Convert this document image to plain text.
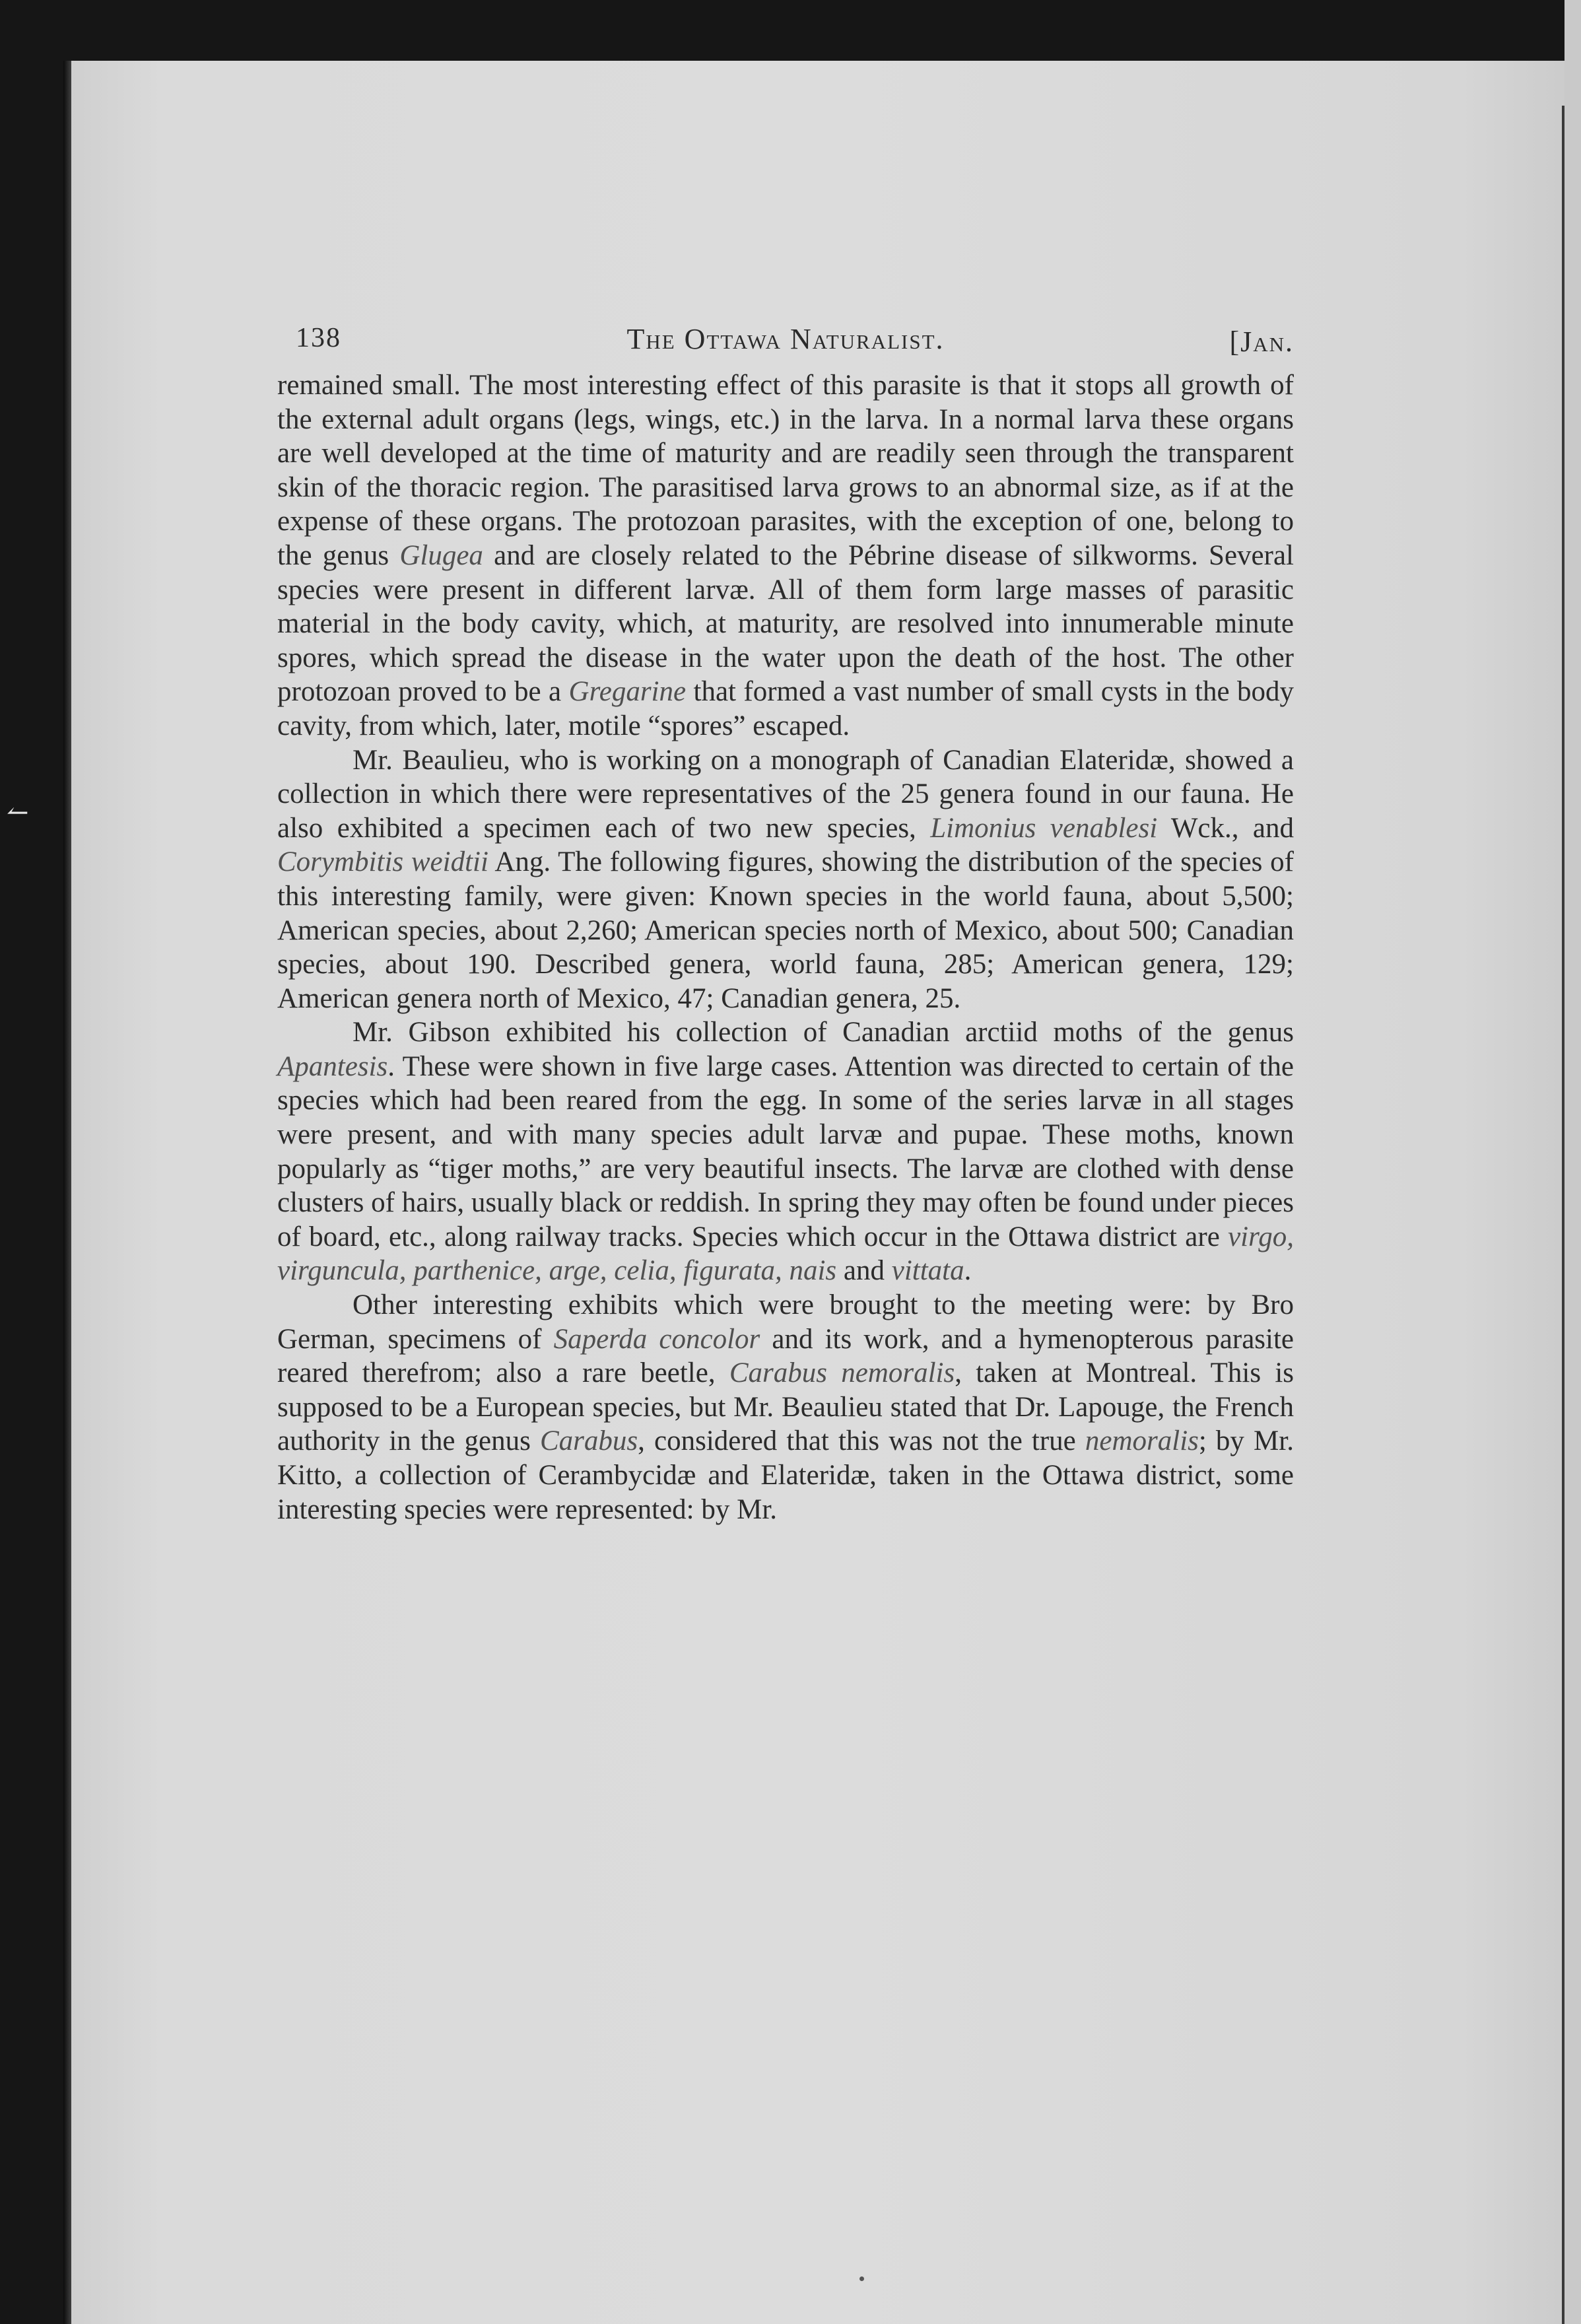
↼
138	The Ottawa Naturalist.	[Jan.

remained small. The most interesting effect of this parasite is that it stops all growth of the external adult organs (legs, wings, etc.) in the larva. In a normal larva these organs are well developed at the time of maturity and are readily seen through the transparent skin of the thoracic region. The parasitised larva grows to an abnormal size, as if at the expense of these organs. The protozoan parasites, with the exception of one, belong to the genus Glugea and are closely related to the Pébrine disease of silkworms. Several species were present in different larvæ. All of them form large masses of parasitic material in the body cavity, which, at maturity, are resolved into innumerable minute spores, which spread the disease in the water upon the death of the host. The other protozoan proved to be a Gregarine that formed a vast number of small cysts in the body cavity, from which, later, motile “spores” escaped.

Mr. Beaulieu, who is working on a monograph of Canadian Elateridæ, showed a collection in which there were representatives of the 25 genera found in our fauna. He also exhibited a specimen each of two new species, Limonius venablesi Wck., and Corymbitis weidtii Ang. The following figures, showing the distribution of the species of this interesting family, were given: Known species in the world fauna, about 5,500; American species, about 2,260; American species north of Mexico, about 500; Canadian species, about 190. Described genera, world fauna, 285; American genera, 129; American genera north of Mexico, 47; Canadian genera, 25.

Mr. Gibson exhibited his collection of Canadian arctiid moths of the genus Apantesis. These were shown in five large cases. Attention was directed to certain of the species which had been reared from the egg. In some of the series larvæ in all stages were present, and with many species adult larvæ and pupae. These moths, known popularly as “tiger moths,” are very beautiful insects. The larvæ are clothed with dense clusters of hairs, usually black or reddish. In spring they may often be found under pieces of board, etc., along railway tracks. Species which occur in the Ottawa district are virgo, virguncula, parthenice, arge, celia, figurata, nais and vittata.

Other interesting exhibits which were brought to the meeting were: by Bro German, specimens of Saperda concolor and its work, and a hymenopterous parasite reared therefrom; also a rare beetle, Carabus nemoralis, taken at Montreal. This is supposed to be a European species, but Mr. Beaulieu stated that Dr. Lapouge, the French authority in the genus Carabus, considered that this was not the true nemoralis; by Mr. Kitto, a collection of Cerambycidæ and Elateridæ, taken in the Ottawa district, some interesting species were represented: by Mr.
